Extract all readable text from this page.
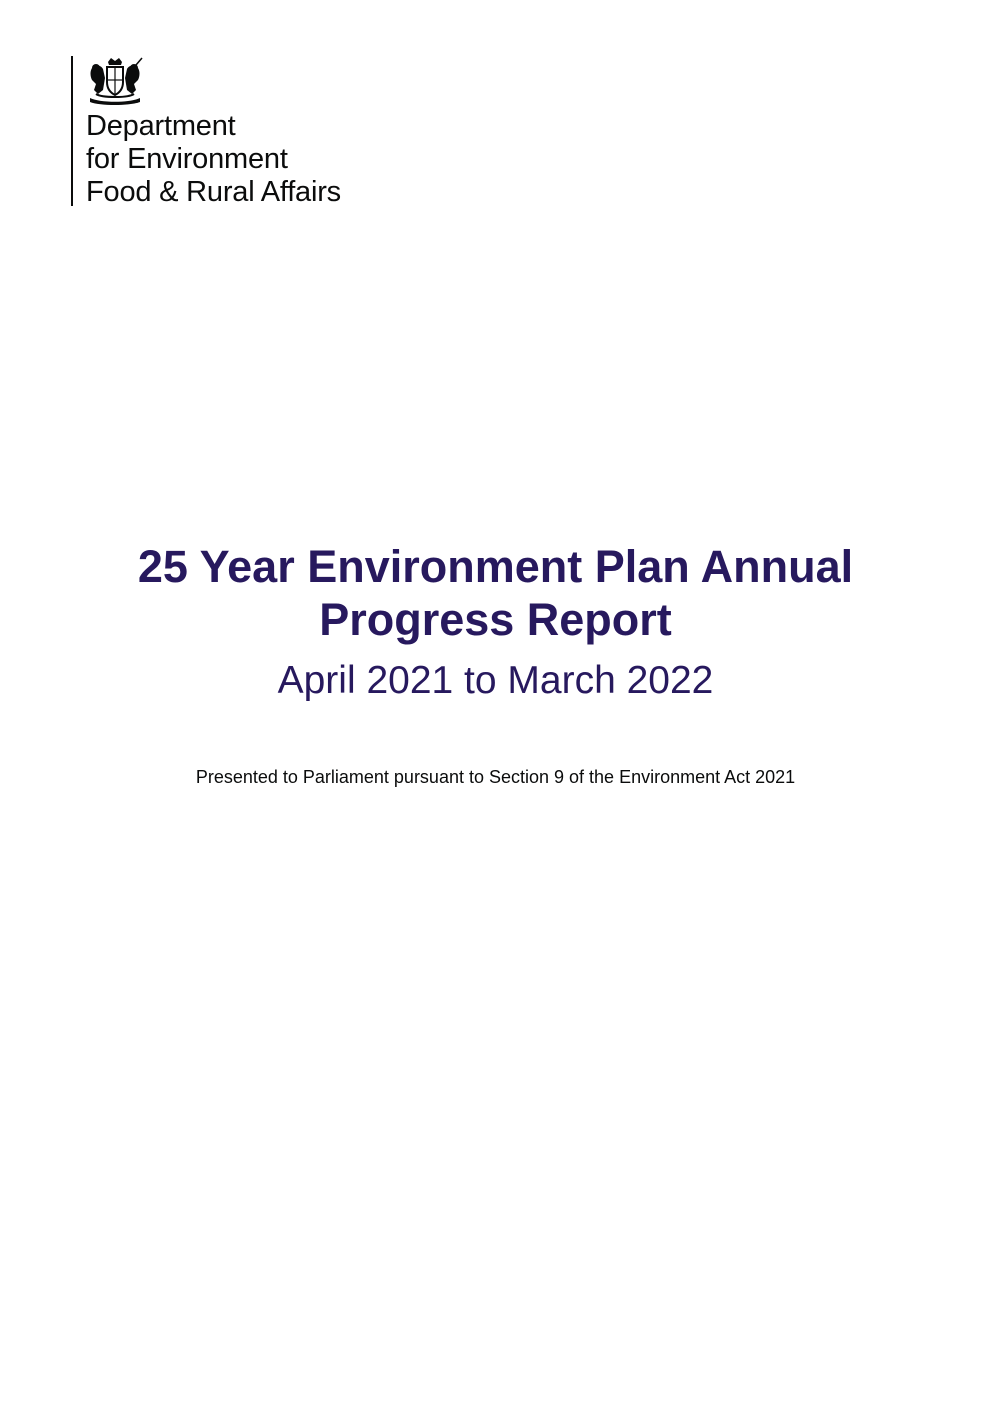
Department
for Environment
Food & Rural Affairs
25 Year Environment Plan Annual
Progress Report
April 2021 to March 2022
Presented to Parliament pursuant to Section 9 of the Environment Act 2021
